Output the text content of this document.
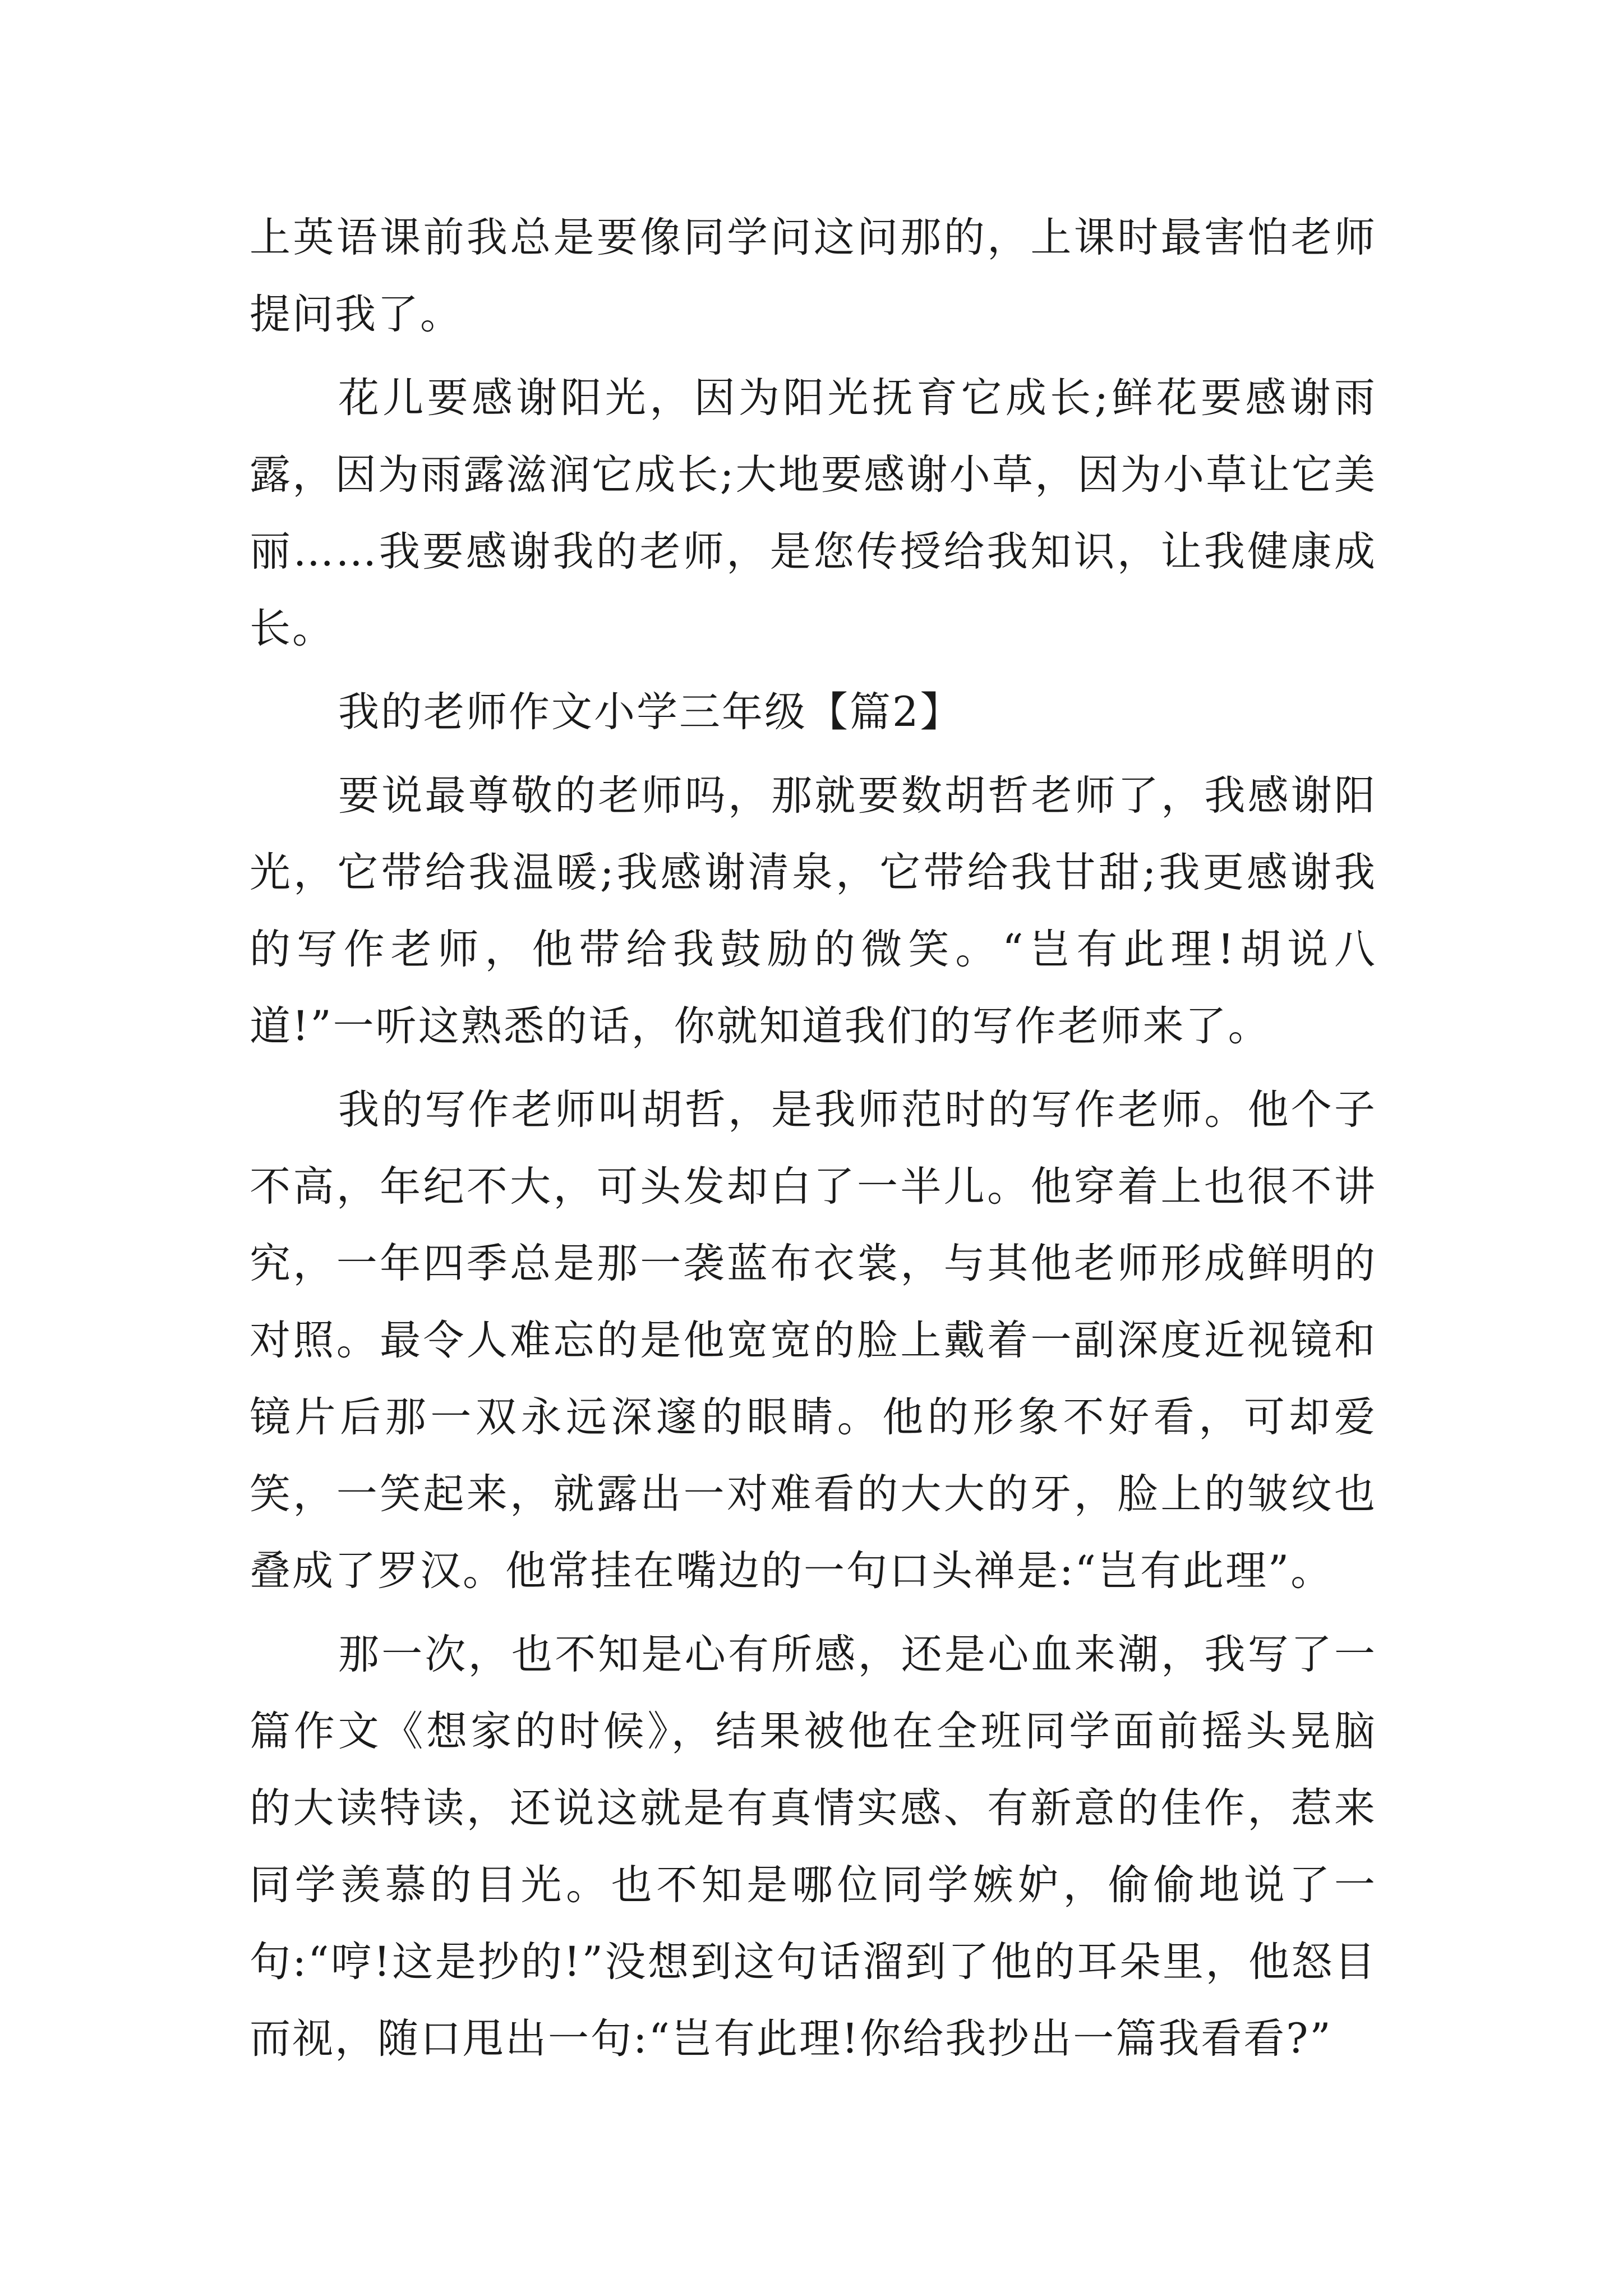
上英语课前我总是要像同学问这问那的，上课时最害怕老师提问我了。

花儿要感谢阳光，因为阳光抚育它成长;鲜花要感谢雨露，因为雨露滋润它成长;大地要感谢小草，因为小草让它美丽……我要感谢我的老师，是您传授给我知识，让我健康成长。

我的老师作文小学三年级【篇2】

要说最尊敬的老师吗，那就要数胡哲老师了，我感谢阳光，它带给我温暖;我感谢清泉，它带给我甘甜;我更感谢我的写作老师，他带给我鼓励的微笑。“岂有此理!胡说八道!”一听这熟悉的话，你就知道我们的写作老师来了。

我的写作老师叫胡哲，是我师范时的写作老师。他个子不高，年纪不大，可头发却白了一半儿。他穿着上也很不讲究，一年四季总是那一袭蓝布衣裳，与其他老师形成鲜明的对照。最令人难忘的是他宽宽的脸上戴着一副深度近视镜和镜片后那一双永远深邃的眼睛。他的形象不好看，可却爱笑，一笑起来，就露出一对难看的大大的牙，脸上的皱纹也叠成了罗汉。他常挂在嘴边的一句口头禅是:“岂有此理”。

那一次，也不知是心有所感，还是心血来潮，我写了一篇作文《想家的时候》，结果被他在全班同学面前摇头晃脑的大读特读，还说这就是有真情实感、有新意的佳作，惹来同学羡慕的目光。也不知是哪位同学嫉妒，偷偷地说了一句:“哼!这是抄的!”没想到这句话溜到了他的耳朵里，他怒目而视，随口甩出一句:“岂有此理!你给我抄出一篇我看看?”
